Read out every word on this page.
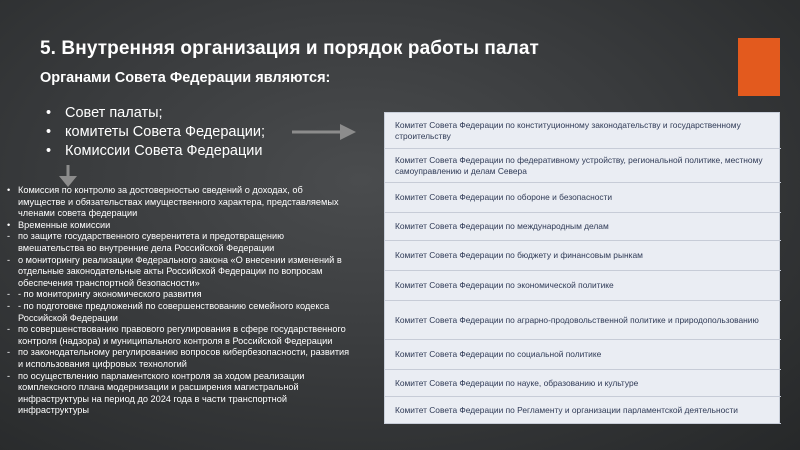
5. Внутренняя организация и порядок работы палат
Органами Совета Федерации являются:
• Совет палаты;
• комитеты Совета Федерации;
• Комиссии Совета Федерации
• Комиссия по контролю за достоверностью сведений о доходах, об
имуществе и обязательствах имущественного характера, представляемых
членами совета федерации
• Временные комиссии
- по защите государственного суверенитета и предотвращению
вмешательства во внутренние дела Российской Федерации
- о мониторингу реализации Федерального закона «О внесении изменений в
отдельные законодательные акты Российской Федерации по вопросам
обеспечения транспортной безопасности»
- - по мониторингу экономического развития
- - по подготовке предложений по совершенствованию семейного кодекса
Российской Федерации
- по совершенствованию правового регулирования в сфере государственного
контроля (надзора) и муниципального контроля в Российской Федерации
- по законодательному регулированию вопросов кибербезопасности, развития
и использования цифровых технологий
- по осуществлению парламентского контроля за ходом реализации
комплексного плана модернизации и расширения магистральной
инфраструктуры на период до 2024 года в части транспортной
инфраструктуры
Комитет Совета Федерации по конституционному законодательству и государственному строительству
Комитет Совета Федерации по федеративному устройству, региональной политике, местному самоуправлению и делам Севера
Комитет Совета Федерации по обороне и безопасности
Комитет Совета Федерации по международным делам
Комитет Совета Федерации по бюджету и финансовым рынкам
Комитет Совета Федерации по экономической политике
Комитет Совета Федерации по аграрно-продовольственной политике и природопользованию
Комитет Совета Федерации по социальной политике
Комитет Совета Федерации по науке, образованию и культуре
Комитет Совета Федерации по Регламенту и организации парламентской деятельности
